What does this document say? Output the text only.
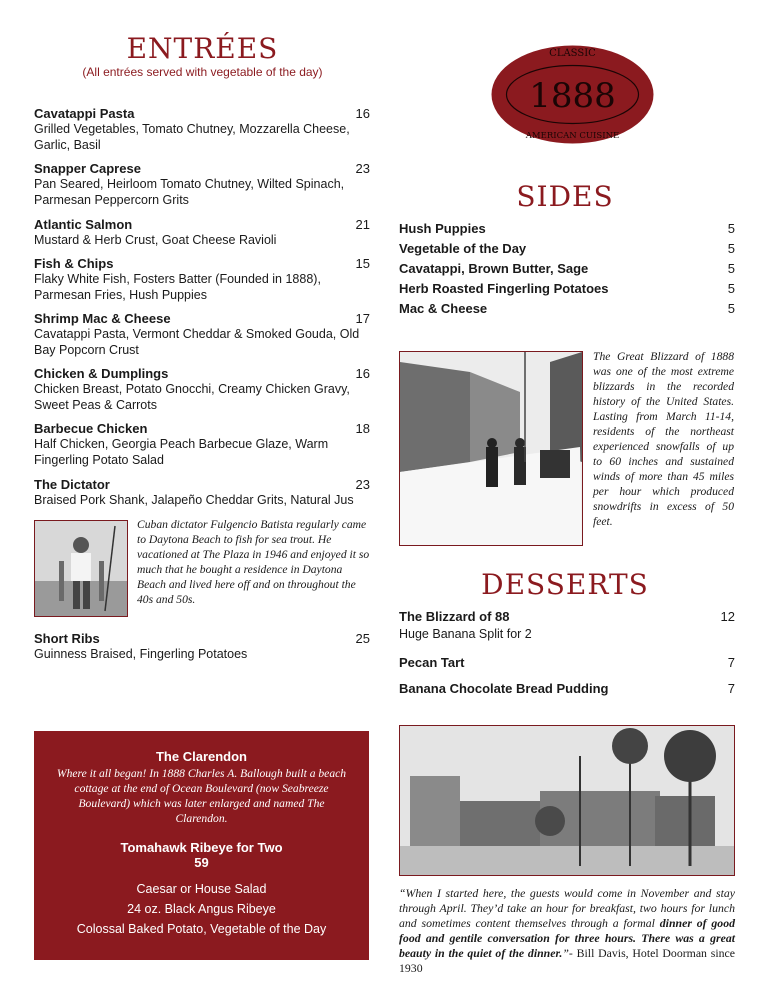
ENTRÉES
(All entrées served with vegetable of the day)
Cavatappi Pasta	16
Grilled Vegetables, Tomato Chutney, Mozzarella Cheese, Garlic, Basil
Snapper Caprese	23
Pan Seared, Heirloom Tomato Chutney, Wilted Spinach, Parmesan Peppercorn Grits
Atlantic Salmon	21
Mustard & Herb Crust, Goat Cheese Ravioli
Fish & Chips	15
Flaky White Fish, Fosters Batter (Founded in 1888), Parmesan Fries, Hush Puppies
Shrimp Mac & Cheese	17
Cavatappi Pasta, Vermont Cheddar & Smoked Gouda, Old Bay Popcorn Crust
Chicken & Dumplings	16
Chicken Breast, Potato Gnocchi, Creamy Chicken Gravy, Sweet Peas & Carrots
Barbecue Chicken	18
Half Chicken, Georgia Peach Barbecue Glaze, Warm Fingerling Potato Salad
The Dictator	23
Braised Pork Shank, Jalapeño Cheddar Grits, Natural Jus
Cuban dictator Fulgencio Batista regularly came to Daytona Beach to fish for sea trout. He vacationed at The Plaza in 1946 and enjoyed it so much that he bought a residence in Daytona Beach and lived here off and on throughout the 40s and 50s.
Short Ribs	25
Guinness Braised, Fingerling Potatoes
CLASSIC
1888
AMERICAN CUISINE
SIDES
Hush Puppies	5
Vegetable of the Day	5
Cavatappi, Brown Butter, Sage	5
Herb Roasted Fingerling Potatoes	5
Mac & Cheese	5
The Great Blizzard of 1888 was one of the most extreme blizzards in the recorded history of the United States. Lasting from March 11-14, residents of the northeast experienced snowfalls of up to 60 inches and sustained winds of more than 45 miles per hour which produced snowdrifts in excess of 50 feet.
DESSERTS
The Blizzard of 88	12
Huge Banana Split for 2
Pecan Tart	7
Banana Chocolate Bread Pudding	7
The Clarendon
Where it all began! In 1888 Charles A. Ballough built a beach cottage at the end of Ocean Boulevard (now Seabreeze Boulevard) which was later enlarged and named The Clarendon.
Tomahawk Ribeye for Two
59
Caesar or House Salad
24 oz. Black Angus Ribeye
Colossal Baked Potato, Vegetable of the Day
“When I started here, the guests would come in November and stay through April. They’d take an hour for breakfast, two hours for lunch and sometimes content themselves through a formal dinner of good food and gentile conversation for three hours. There was a great beauty in the quiet of the dinner.”- Bill Davis, Hotel Doorman since 1930
